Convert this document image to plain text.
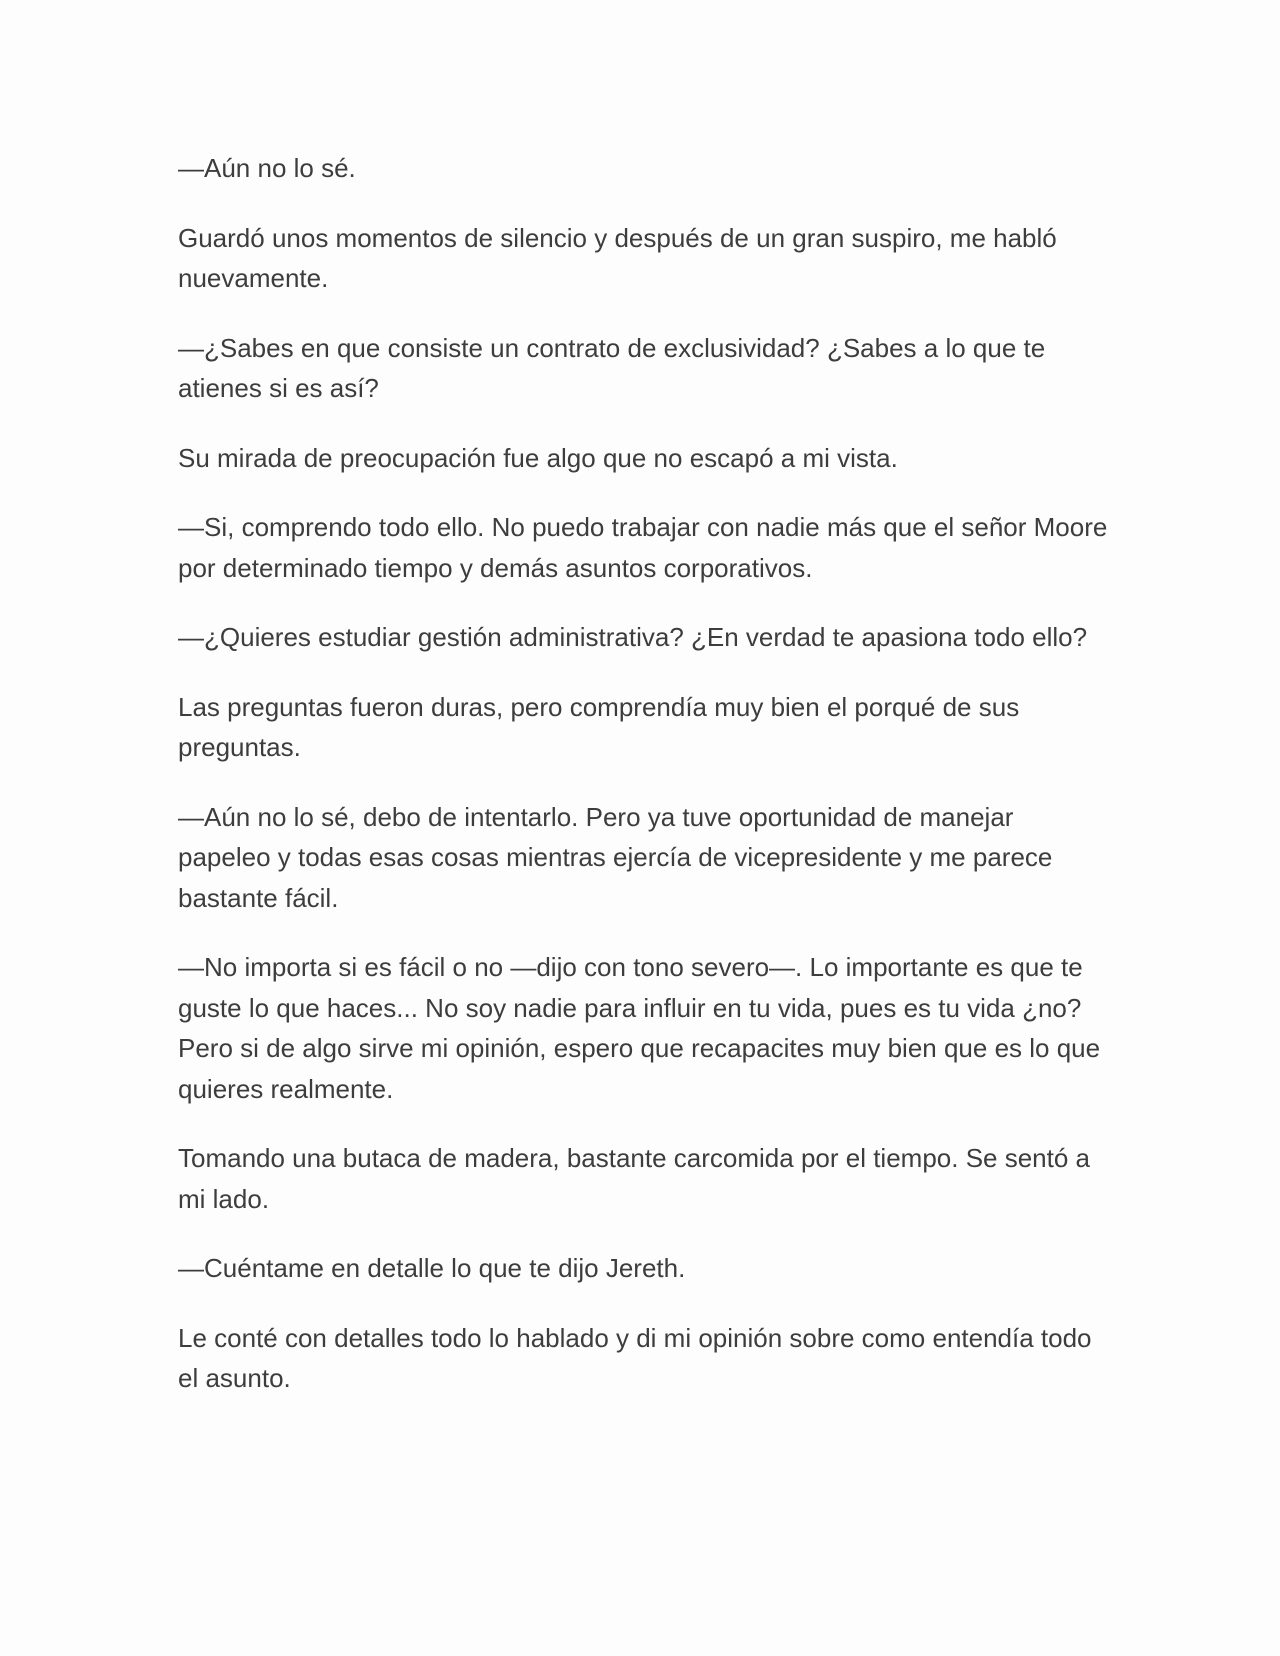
—Aún no lo sé.

Guardó unos momentos de silencio y después de un gran suspiro, me habló nuevamente.

—¿Sabes en que consiste un contrato de exclusividad? ¿Sabes a lo que te atienes si es así?

Su mirada de preocupación fue algo que no escapó a mi vista.

—Si, comprendo todo ello. No puedo trabajar con nadie más que el señor Moore por determinado tiempo y demás asuntos corporativos.

—¿Quieres estudiar gestión administrativa? ¿En verdad te apasiona todo ello?

Las preguntas fueron duras, pero comprendía muy bien el porqué de sus preguntas.

—Aún no lo sé, debo de intentarlo. Pero ya tuve oportunidad de manejar papeleo y todas esas cosas mientras ejercía de vicepresidente y me parece bastante fácil.

—No importa si es fácil o no —dijo con tono severo—. Lo importante es que te guste lo que haces... No soy nadie para influir en tu vida, pues es tu vida ¿no? Pero si de algo sirve mi opinión, espero que recapacites muy bien que es lo que quieres realmente.

Tomando una butaca de madera, bastante carcomida por el tiempo. Se sentó a mi lado.

—Cuéntame en detalle lo que te dijo Jereth.

Le conté con detalles todo lo hablado y di mi opinión sobre como entendía todo el asunto.
